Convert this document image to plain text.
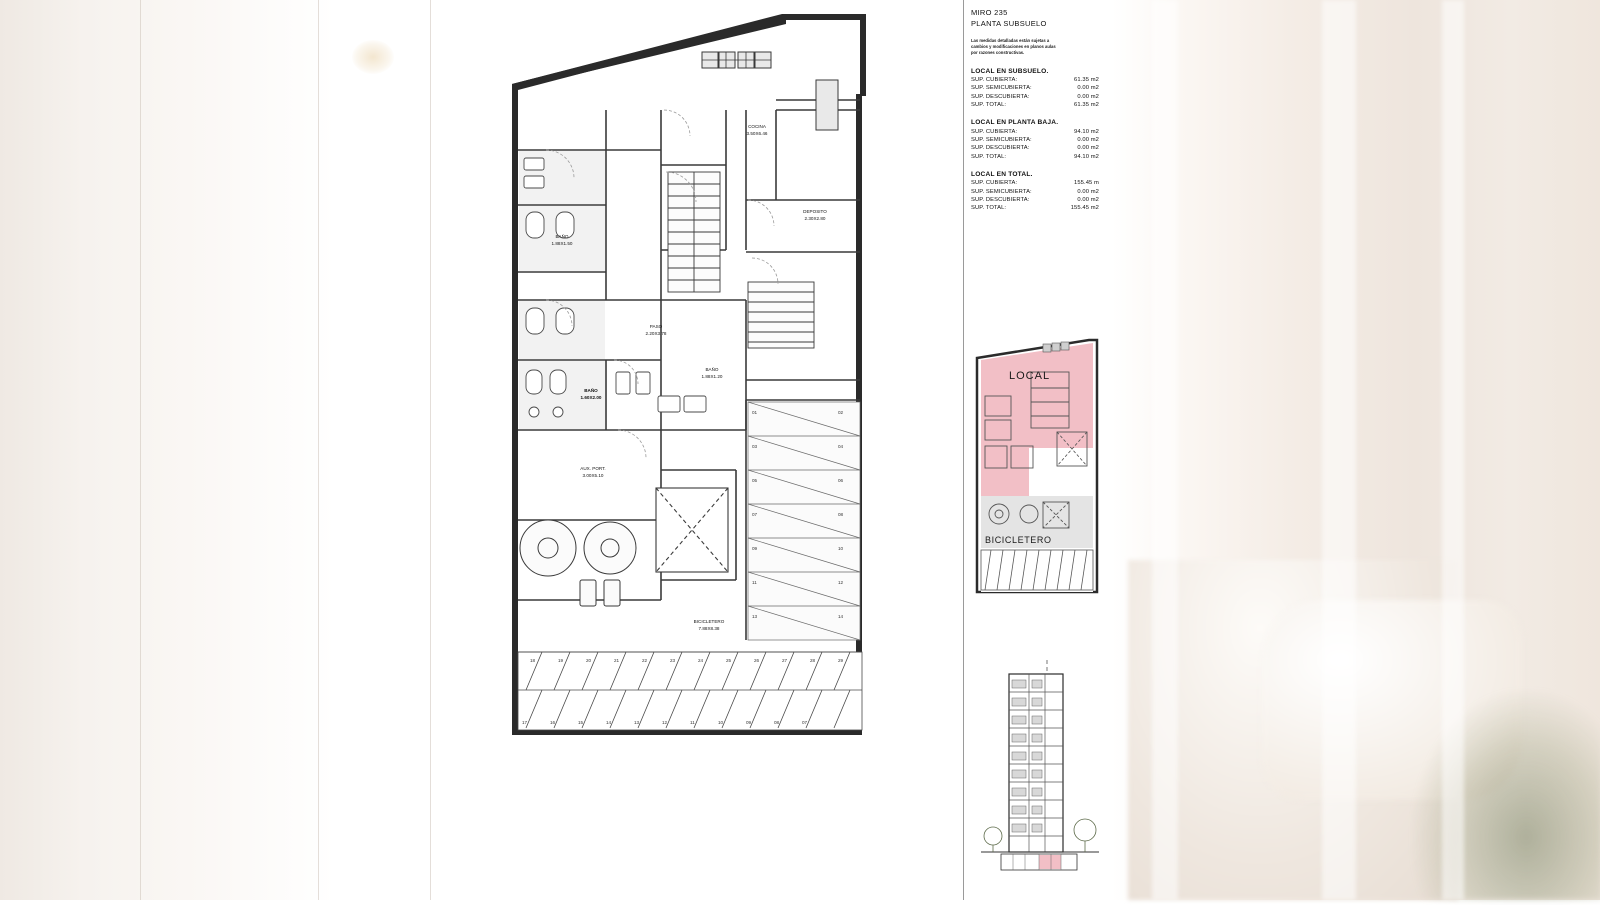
18	19	20	21	22	23	24	25	26	27	28	29
17	16	15	14	13	12	11	10	09	08	07
01	02
03	04
05	06
07	08
09	10
11	12
13	14
COCINA
3.50X6.46
DEPOSITO
2.30X2.80
BAÑO
1.88X1.50
PASO
2.20X3.78
BAÑO
1.88X1.20
BAÑO
1.60X2.00
AUX. PORT.
3.00X5.10
BICICLETERO
7.88X8.38
MIRO 235
PLANTA SUBSUELO
Las medidas detalladas están sujetas a cambios y modificaciones en planos aulas por razones constructivas.
LOCAL EN SUBSUELO.
SUP. CUBIERTA:	61.35 m2
SUP. SEMICUBIERTA:	0.00 m2
SUP. DESCUBIERTA:	0.00 m2
SUP. TOTAL:	61.35 m2
LOCAL EN PLANTA BAJA.
SUP. CUBIERTA:	94.10 m2
SUP. SEMICUBIERTA:	0.00 m2
SUP. DESCUBIERTA:	0.00 m2
SUP. TOTAL:	94.10 m2
LOCAL EN TOTAL.
SUP. CUBIERTA:	155.45 m
SUP. SEMICUBIERTA:	0.00 m2
SUP. DESCUBIERTA:	0.00 m2
SUP. TOTAL:	155.45 m2
LOCAL
BICICLETERO
